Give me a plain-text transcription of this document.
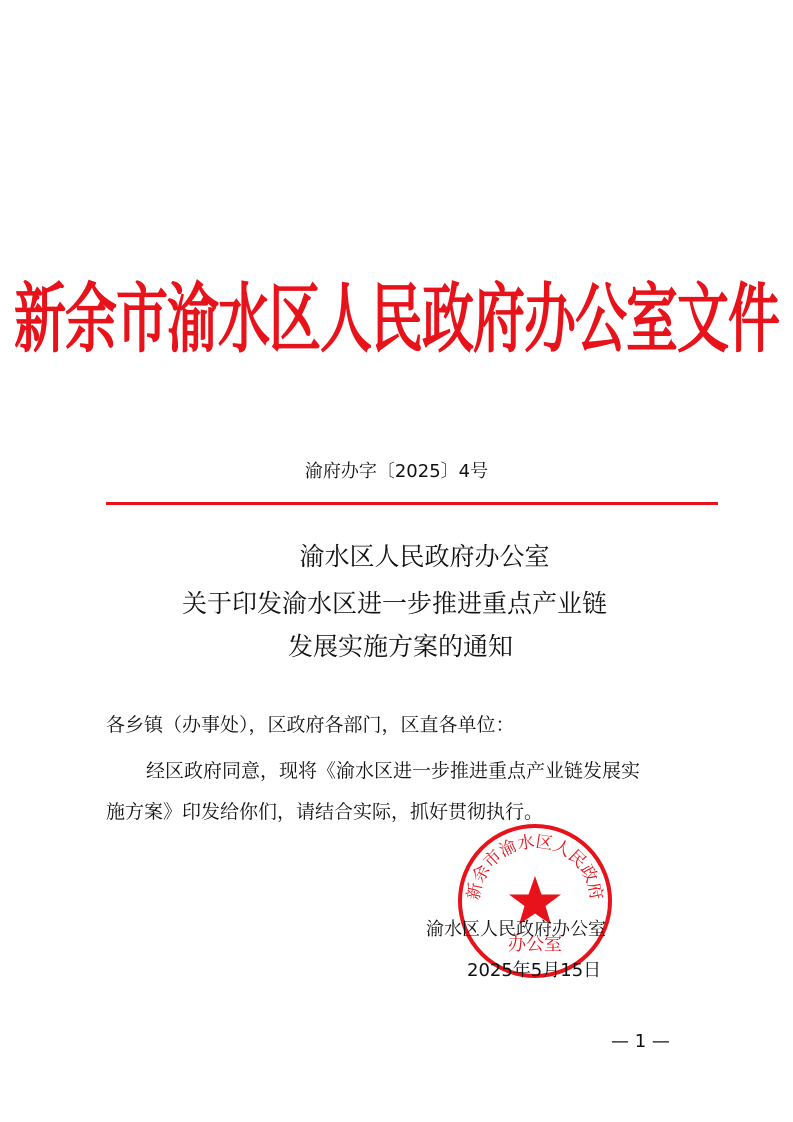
新余市渝水区人民政府办公室文件
渝府办字〔2025〕4号
渝水区人民政府办公室
关于印发渝水区进一步推进重点产业链
发展实施方案的通知
各乡镇（办事处），区政府各部门，区直各单位：
经区政府同意，现将《渝水区进一步推进重点产业链发展实
施方案》印发给你们，请结合实际，抓好贯彻执行。
新余市渝水区人民政府
办公室
渝水区人民政府办公室
2025年5月15日
— 1 —
